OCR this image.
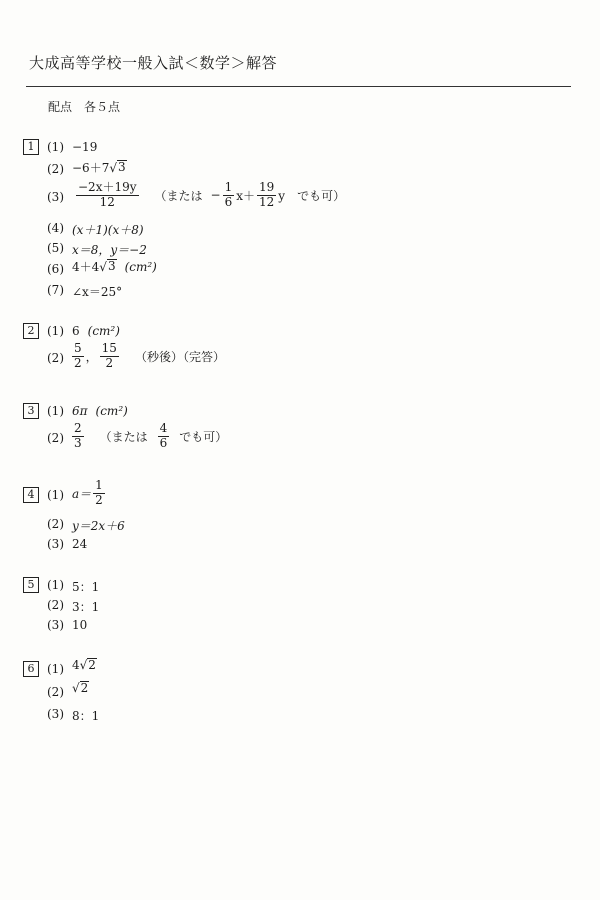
大成高等学校一般入試＜数学＞解答
配点　各５点
1	(1) −19
(2) −6＋7 √ 3
$(3) \frac{-2x+19y}{12}$ （または − $\frac{1}{6} x+ \frac{19}{12}$ y　でも可）
(4) (x＋1)(x＋8)
(5) x＝8，y＝−2
(6) 4＋4 √ 3 (cm²)
(7) ∠x＝25°
2	(1) 6 (cm²)
$(2) \frac{5}{2}$ ， $\frac{15}{2}$ （秒後）（完答）
3	(1) 6π (cm²)
$(2) \frac{2}{3}$ （または $\frac{4}{6}$ でも可）
4	(1) $a= \frac{1}{2}$
(2) y＝2x＋6
(3) 24
5	(1) 5：1
(2) 3：1
(3) 10
6	(1) 4 √ 2
(2) √ 2
(3) 8：1
